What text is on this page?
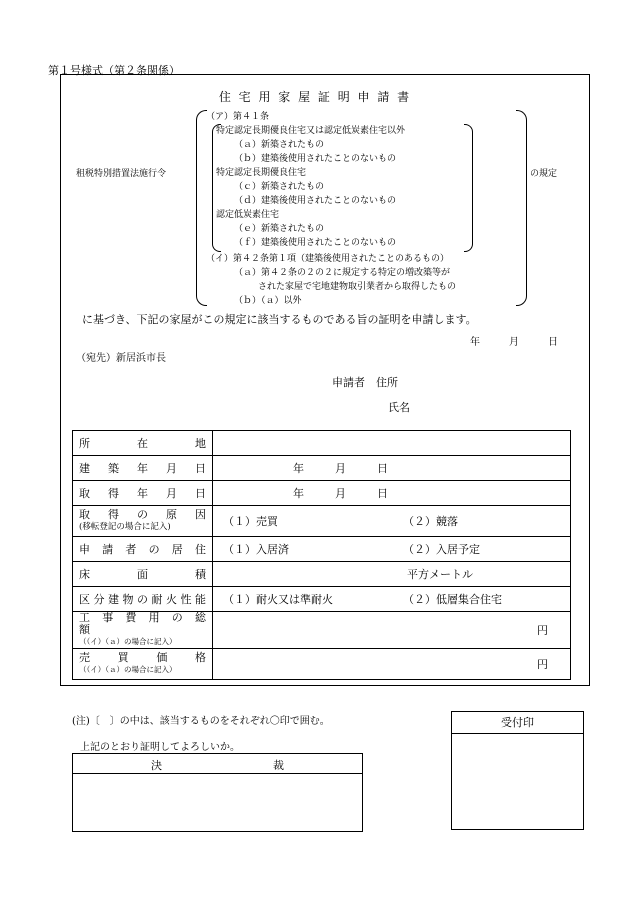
第１号様式（第２条関係）
住 宅 用 家 屋 証 明 申 請 書
租税特別措置法施行令	の規定
（ア）第４１条
特定認定長期優良住宅又は認定低炭素住宅以外
（ａ）新築されたもの
（ｂ）建築後使用されたことのないもの
特定認定長期優良住宅
（ｃ）新築されたもの
（ｄ）建築後使用されたことのないもの
認定低炭素住宅
（ｅ）新築されたもの
（ｆ）建築後使用されたことのないもの
（イ）第４２条第１項（建築後使用されたことのあるもの）
（ａ）第４２条の２の２に規定する特定の増改築等が
された家屋で宅地建物取引業者から取得したもの
（ｂ）（ａ）以外
に基づき、下記の家屋がこの規定に該当するものである旨の証明を申請します。
年　　月　　日
（宛先）新居浜市長
申請者　住所
氏名
所　　在　　地	

建　築　年　月　日	年　　月　　日

取　得　年　月　日	年　　月　　日

取　得　の　原　因
(移転登記の場合に記入)	（１）売買 （２）競落

申　請　者　の　居　住	（１）入居済 （２）入居予定

床　　面　　積	平方メートル

区分建物の耐火性能	（１）耐火又は準耐火 （２）低層集合住宅

工　事　費　用　の　総　額
（（イ）（ａ）の場合に記入）	円

売　　買　　価　　格
（（イ）（ａ）の場合に記入）	円
(注)〔　〕の中は、該当するものをそれぞれ〇印で囲む。
上記のとおり証明してよろしいか。
決	裁
受付印
